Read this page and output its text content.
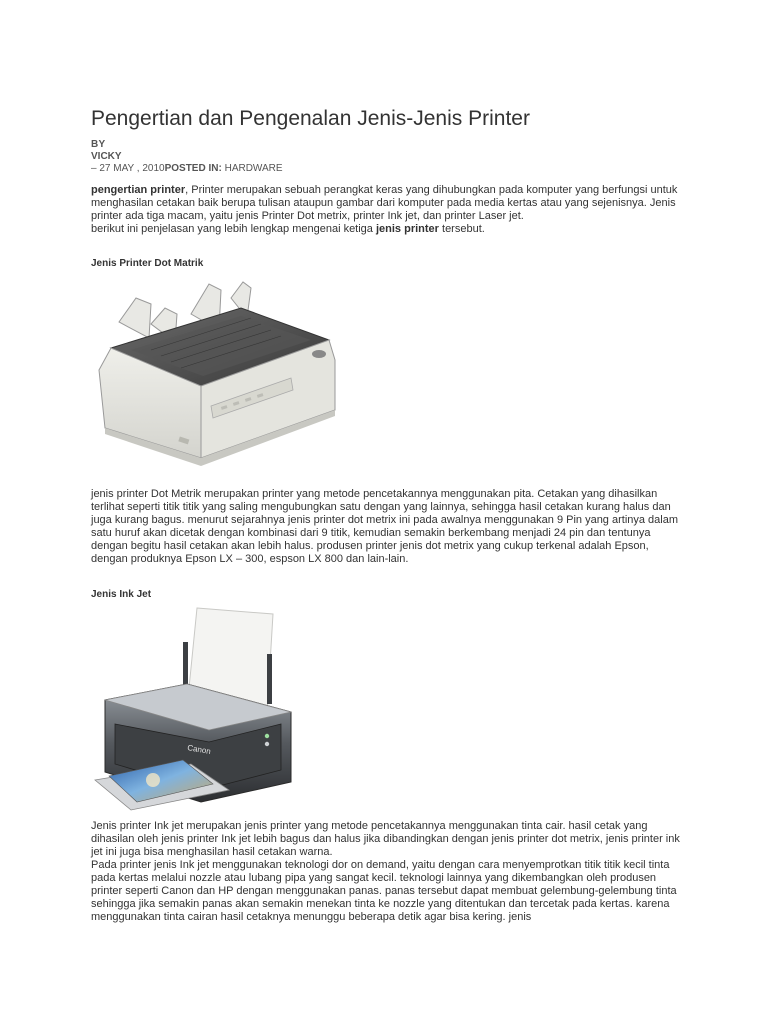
Pengertian dan Pengenalan Jenis-Jenis Printer
BY
VICKY
– 27 MAY , 2010POSTED IN: HARDWARE

pengertian printer, Printer merupakan sebuah perangkat keras yang dihubungkan pada komputer yang berfungsi untuk menghasilan cetakan baik berupa tulisan ataupun gambar dari komputer pada media kertas atau yang sejenisnya. Jenis printer ada tiga macam, yaitu jenis Printer Dot metrix, printer Ink jet, dan printer Laser jet.

berikut ini penjelasan yang lebih lengkap mengenai ketiga jenis printer tersebut.

Jenis Printer Dot Matrik
jenis printer Dot Metrik merupakan printer yang metode pencetakannya menggunakan pita. Cetakan yang dihasilkan terlihat seperti titik titik yang saling mengubungkan satu dengan yang lainnya, sehingga hasil cetakan kurang halus dan juga kurang bagus. menurut sejarahnya jenis printer dot metrix ini pada awalnya menggunakan 9 Pin yang artinya dalam satu huruf akan dicetak dengan kombinasi dari 9 titik, kemudian semakin berkembang menjadi 24 pin dan tentunya dengan begitu hasil cetakan akan lebih halus. produsen printer jenis dot metrix yang cukup terkenal adalah Epson, dengan produknya Epson LX – 300, espson LX 800 dan lain-lain.
Jenis Ink Jet
Canon

Jenis printer Ink jet merupakan jenis printer yang metode pencetakannya menggunakan tinta cair. hasil cetak yang dihasilan oleh jenis printer Ink jet lebih bagus dan halus jika dibandingkan dengan jenis printer dot metrix, jenis printer ink jet ini juga bisa menghasilan hasil cetakan warna.

Pada printer jenis Ink jet menggunakan teknologi dor on demand, yaitu dengan cara menyemprotkan titik titik kecil tinta pada kertas melalui nozzle atau lubang pipa yang sangat kecil. teknologi lainnya yang dikembangkan oleh produsen printer seperti Canon dan HP dengan menggunakan panas. panas tersebut dapat membuat gelembung-gelembung tinta sehingga jika semakin panas akan semakin menekan tinta ke nozzle yang ditentukan dan tercetak pada kertas. karena menggunakan tinta cairan hasil cetaknya menunggu beberapa detik agar bisa kering. jenis
